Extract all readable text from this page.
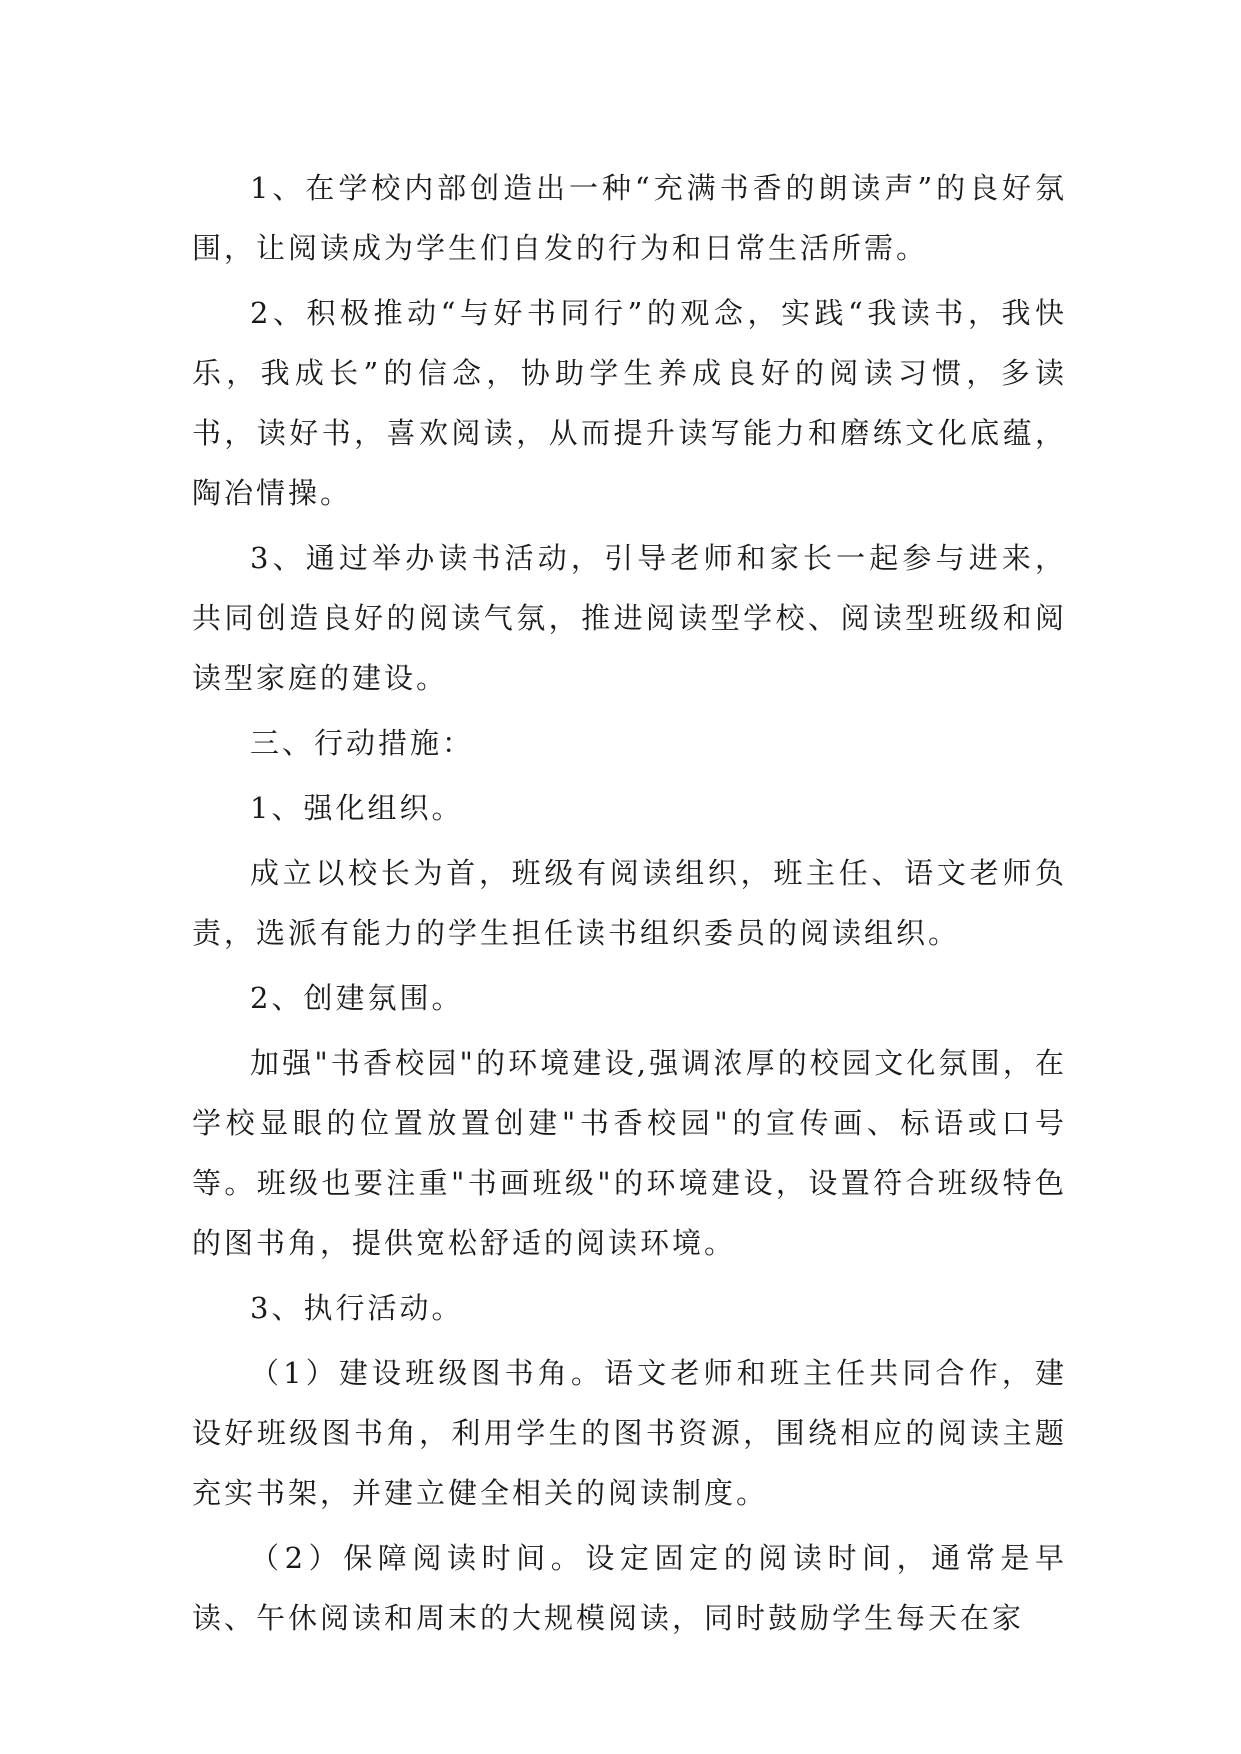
1、在学校内部创造出一种“充满书香的朗读声”的良好氛围，让阅读成为学生们自发的行为和日常生活所需。

2、积极推动“与好书同行”的观念，实践“我读书，我快乐，我成长”的信念，协助学生养成良好的阅读习惯，多读书，读好书，喜欢阅读，从而提升读写能力和磨练文化底蕴，陶冶情操。

3、通过举办读书活动，引导老师和家长一起参与进来，共同创造良好的阅读气氛，推进阅读型学校、阅读型班级和阅读型家庭的建设。

三、行动措施：

1、强化组织。

成立以校长为首，班级有阅读组织，班主任、语文老师负责，选派有能力的学生担任读书组织委员的阅读组织。

2、创建氛围。

加强"书香校园"的环境建设,强调浓厚的校园文化氛围，在学校显眼的位置放置创建"书香校园"的宣传画、标语或口号等。班级也要注重"书画班级"的环境建设，设置符合班级特色的图书角，提供宽松舒适的阅读环境。

3、执行活动。

（1）建设班级图书角。语文老师和班主任共同合作，建设好班级图书角，利用学生的图书资源，围绕相应的阅读主题充实书架，并建立健全相关的阅读制度。

（2）保障阅读时间。设定固定的阅读时间，通常是早读、午休阅读和周末的大规模阅读，同时鼓励学生每天在家
